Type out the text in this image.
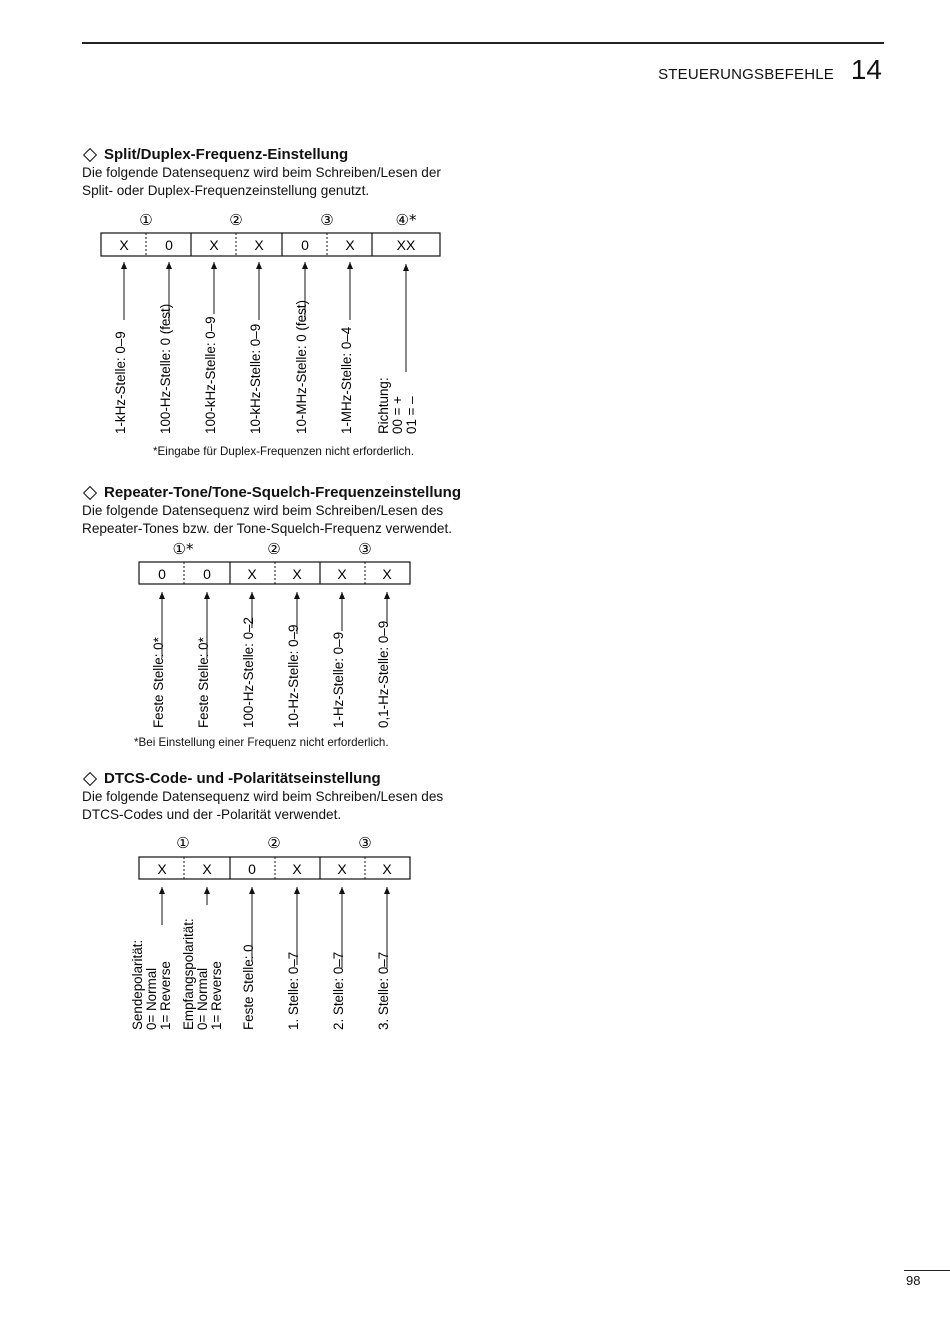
STEUERUNGSBEFEHLE 14
Split/Duplex-Frequenz-Einstellung
Die folgende Datensequenz wird beim Schreiben/Lesen der
Split- oder Duplex-Frequenzeinstellung genutzt.
X	0	X	X	0	X	XX
①	②	③	④*
1-kHz-Stelle: 0–9 100-Hz-Stelle: 0 (fest) 100-kHz-Stelle: 0–9 10-kHz-Stelle: 0–9 10-MHz-Stelle: 0 (fest) 1-MHz-Stelle: 0–4 Richtung: 00 = + 01 = –
*Eingabe für Duplex-Frequenzen nicht erforderlich.
Repeater-Tone/Tone-Squelch-Frequenzeinstellung
Die folgende Datensequenz wird beim Schreiben/Lesen des
Repeater-Tones bzw. der Tone-Squelch-Frequenz verwendet.
0	0	X	X	X	X
①*	②	③
Feste Stelle: 0* Feste Stelle: 0* 100-Hz-Stelle: 0–2 10-Hz-Stelle: 0–9 1-Hz-Stelle: 0–9 0,1-Hz-Stelle: 0–9
*Bei Einstellung einer Frequenz nicht erforderlich.
DTCS-Code- und -Polaritätseinstellung
Die folgende Datensequenz wird beim Schreiben/Lesen des
DTCS-Codes und der -Polarität verwendet.
X	X	0	X	X	X
①	②	③
Feste Stelle: 0 1. Stelle: 0–7 2. Stelle: 0–7 3. Stelle: 0–7
Sendepolarität: 0= Normal 1= Reverse Empfangspolarität: 0= Normal 1= Reverse
98
